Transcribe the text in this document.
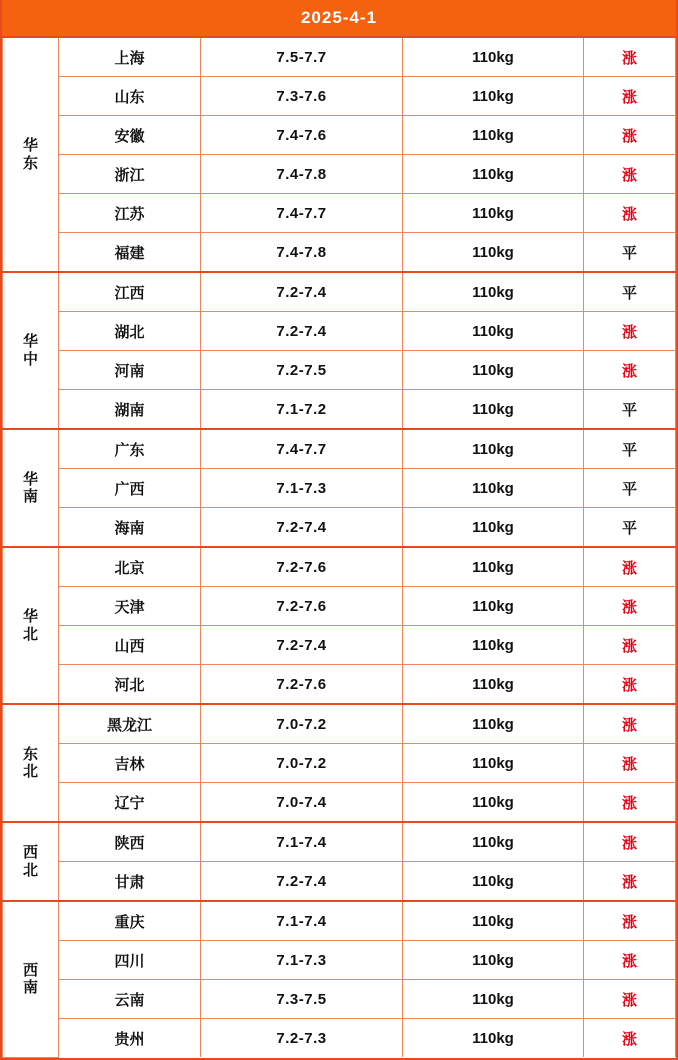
2025-4-1
华东	上海	7.5-7.7	110kg	涨
	山东	7.3-7.6	110kg	涨
	安徽	7.4-7.6	110kg	涨
	浙江	7.4-7.8	110kg	涨
	江苏	7.4-7.7	110kg	涨
	福建	7.4-7.8	110kg	平
华中	江西	7.2-7.4	110kg	平
	湖北	7.2-7.4	110kg	涨
	河南	7.2-7.5	110kg	涨
	湖南	7.1-7.2	110kg	平
华南	广东	7.4-7.7	110kg	平
	广西	7.1-7.3	110kg	平
	海南	7.2-7.4	110kg	平
华北	北京	7.2-7.6	110kg	涨
	天津	7.2-7.6	110kg	涨
	山西	7.2-7.4	110kg	涨
	河北	7.2-7.6	110kg	涨
东北	黑龙江	7.0-7.2	110kg	涨
	吉林	7.0-7.2	110kg	涨
	辽宁	7.0-7.4	110kg	涨
西北	陕西	7.1-7.4	110kg	涨
	甘肃	7.2-7.4	110kg	涨
西南	重庆	7.1-7.4	110kg	涨
	四川	7.1-7.3	110kg	涨
	云南	7.3-7.5	110kg	涨
	贵州	7.2-7.3	110kg	涨
